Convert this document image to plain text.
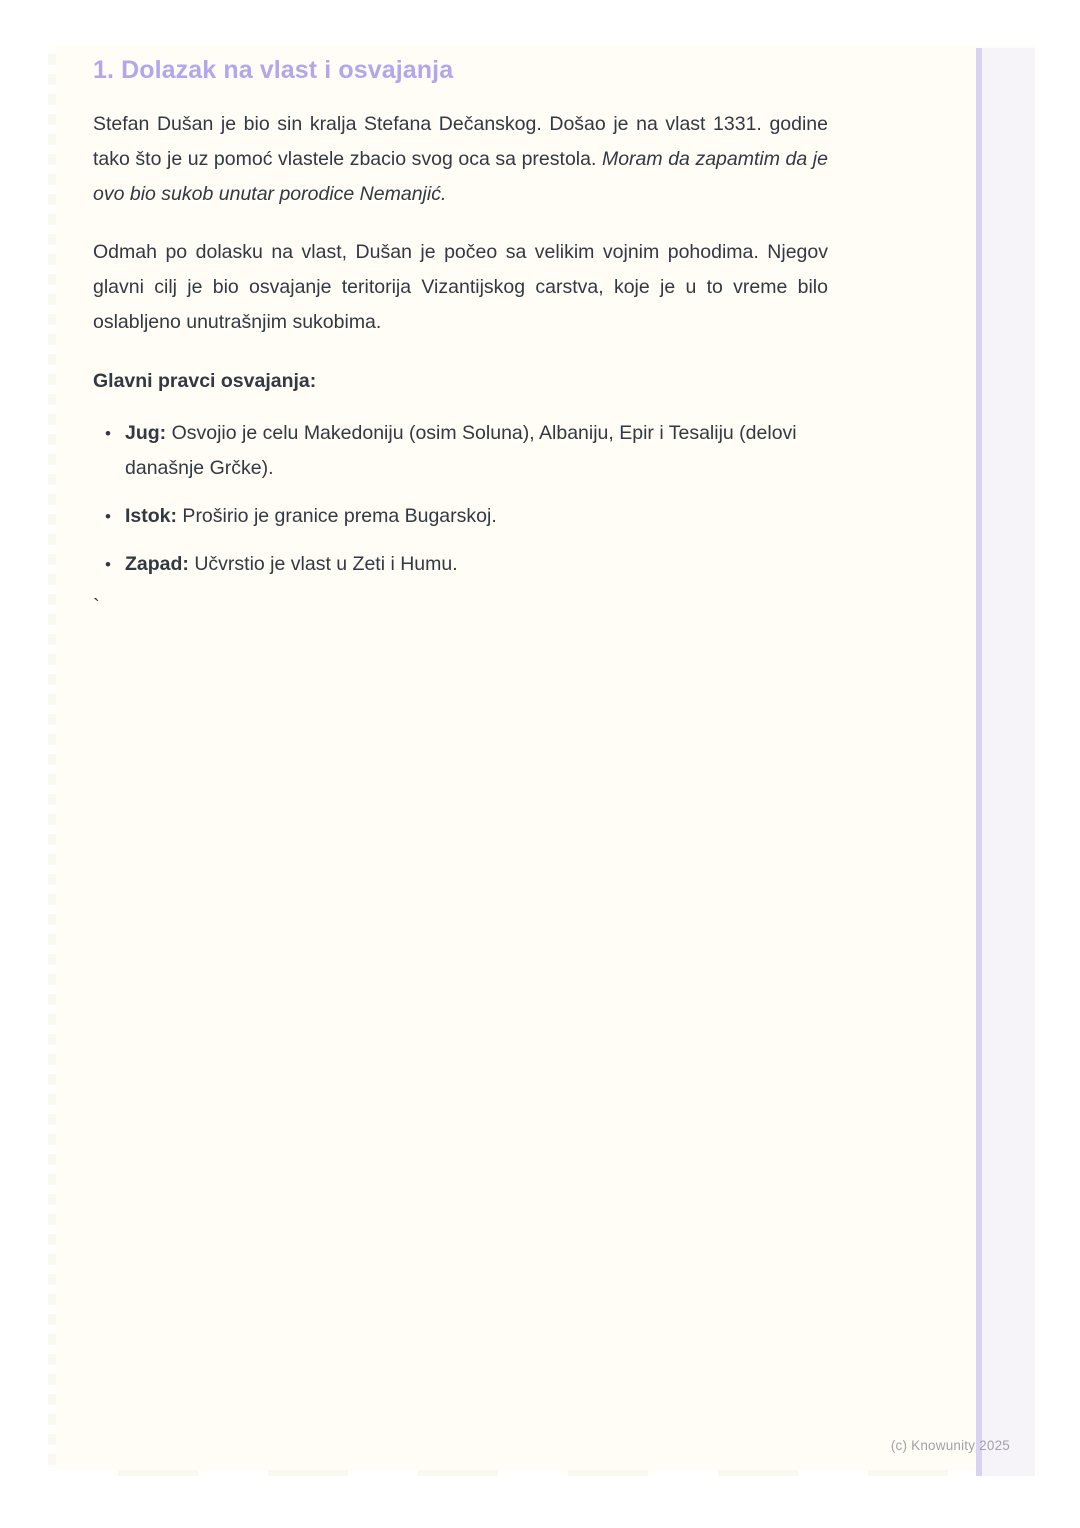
1. Dolazak na vlast i osvajanja

Stefan Dušan je bio sin kralja Stefana Dečanskog. Došao je na vlast 1331. godine tako što je uz pomoć vlastele zbacio svog oca sa prestola. Moram da zapamtim da je ovo bio sukob unutar porodice Nemanjić.

Odmah po dolasku na vlast, Dušan je počeo sa velikim vojnim pohodima. Njegov glavni cilj je bio osvajanje teritorija Vizantijskog carstva, koje je u to vreme bilo oslabljeno unutrašnjim sukobima.

Glavni pravci osvajanja:

• Jug: Osvojio je celu Makedoniju (osim Soluna), Albaniju, Epir i Tesaliju (delovi današnje Grčke).
• Istok: Proširio je granice prema Bugarskoj.
• Zapad: Učvrstio je vlast u Zeti i Humu.
`
(c) Knowunity 2025
